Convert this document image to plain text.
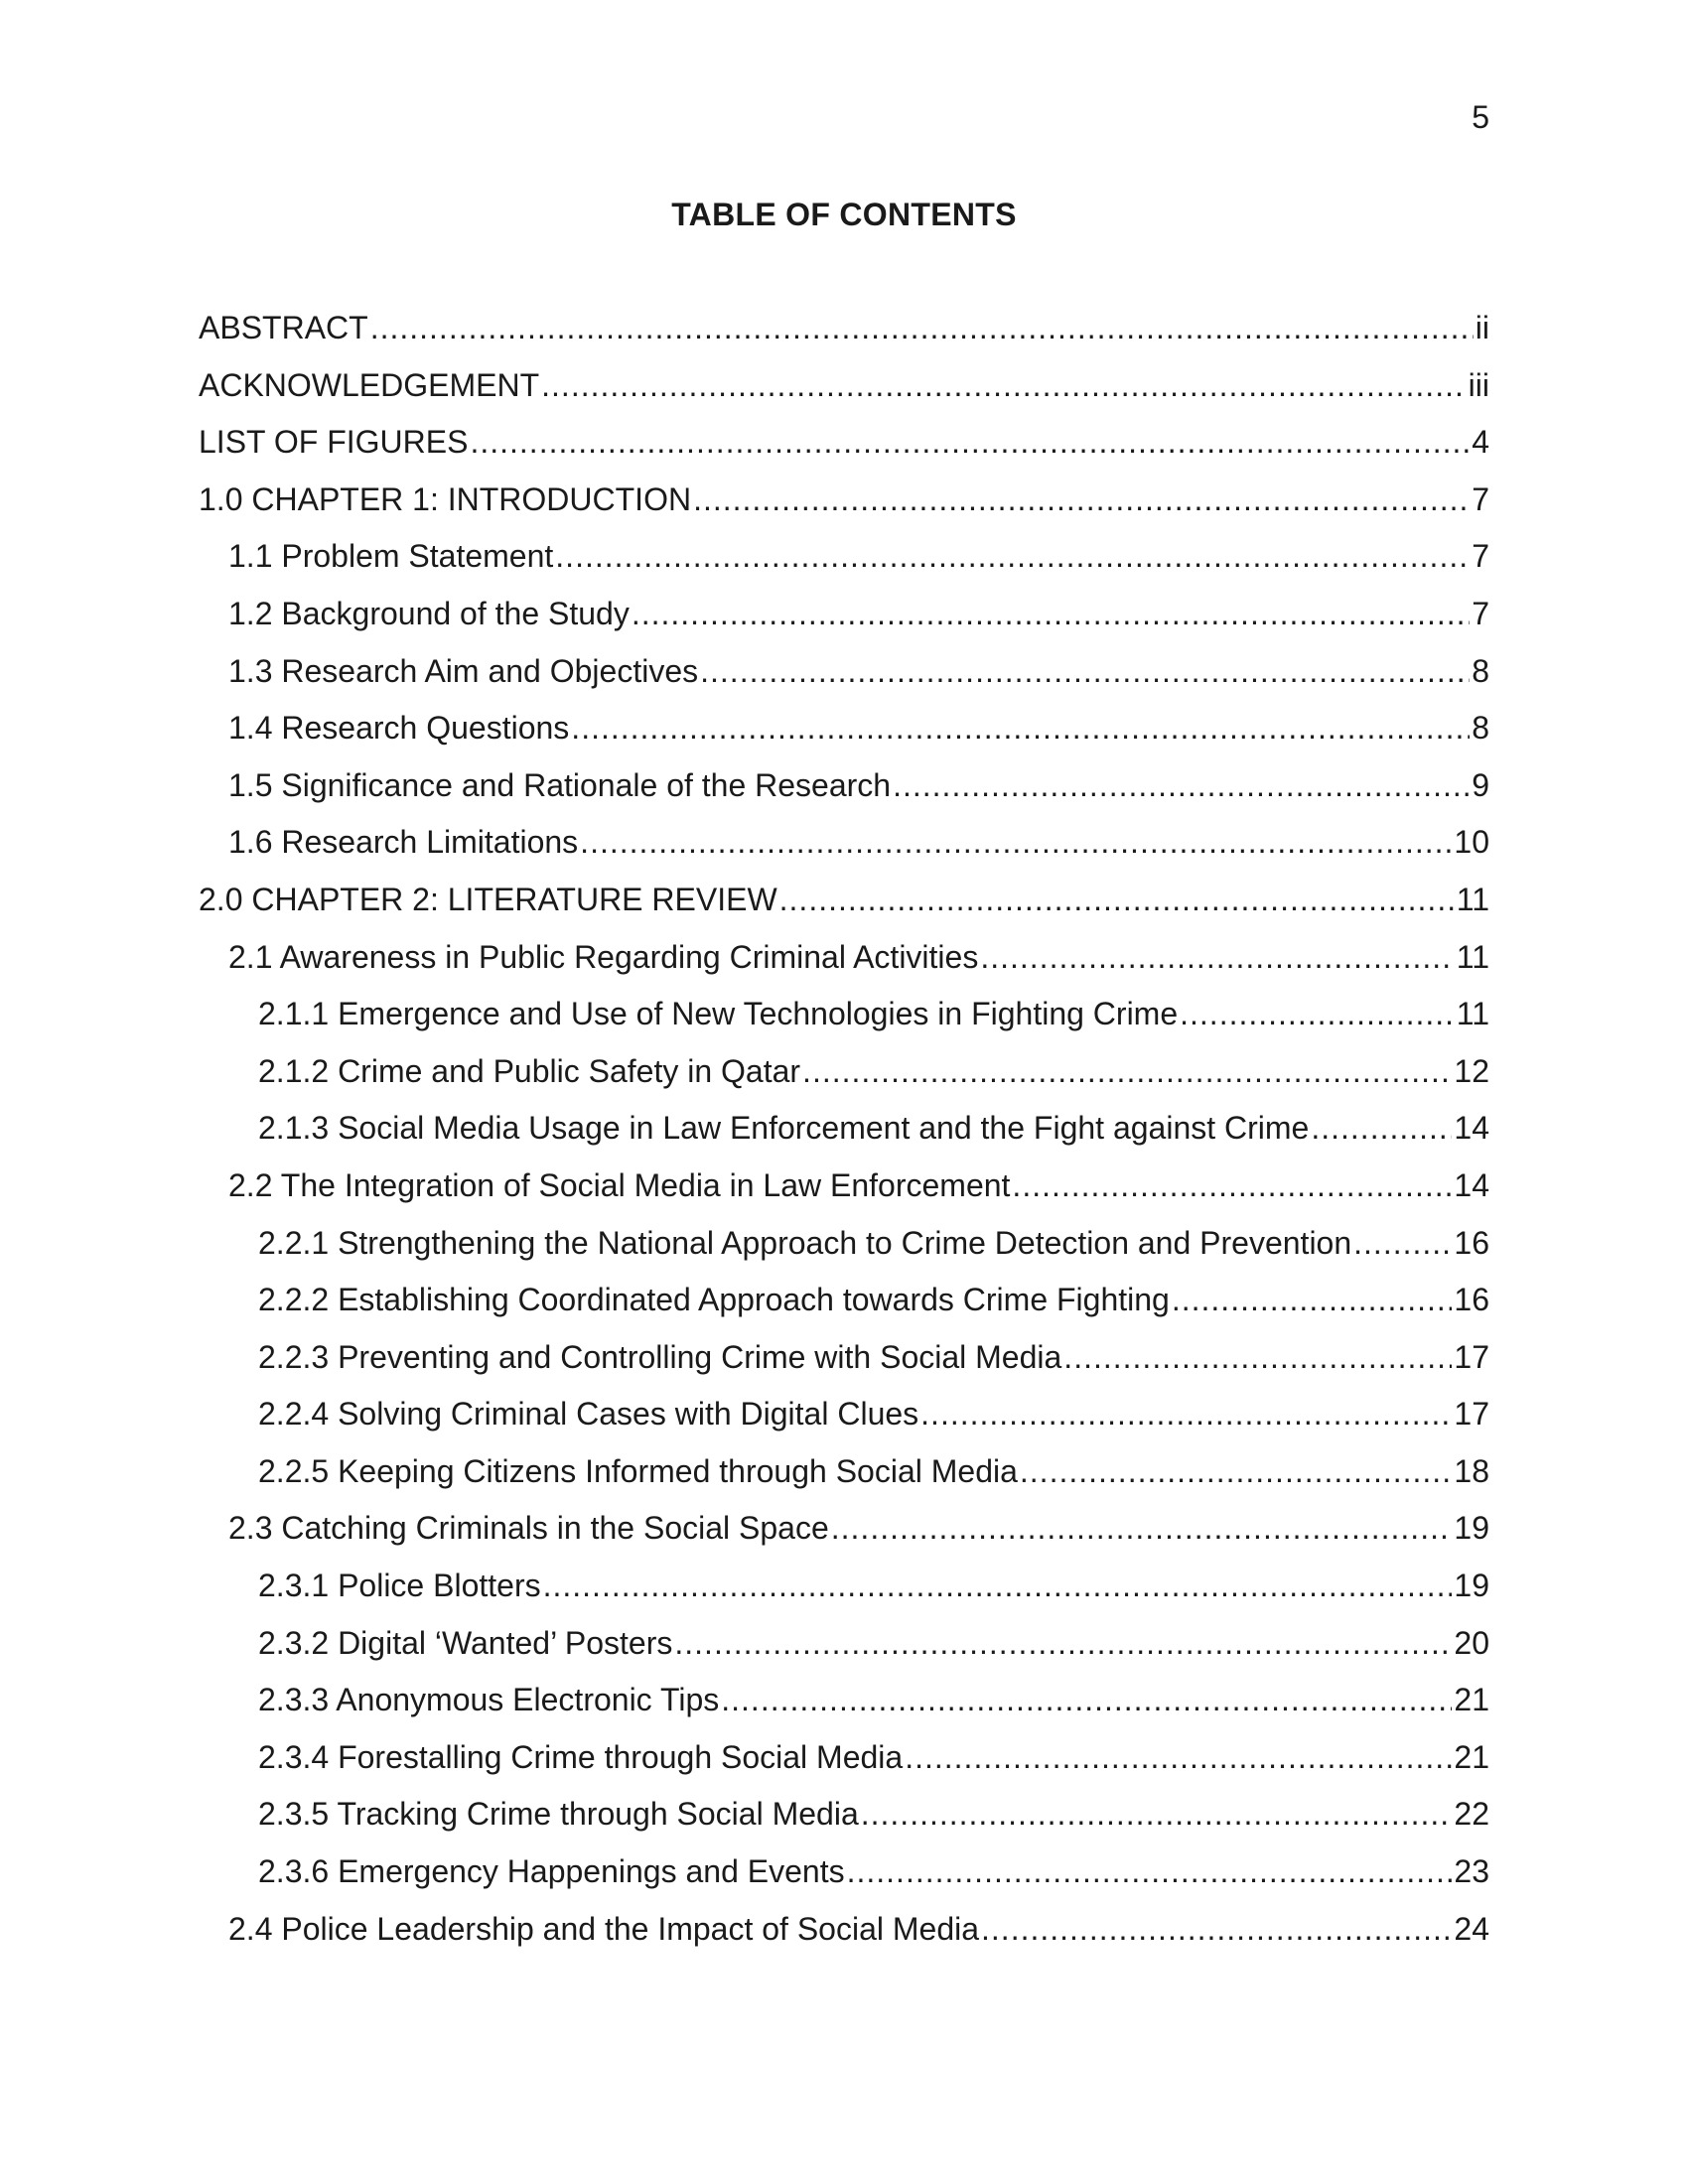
5
TABLE OF CONTENTS
ABSTRACT .....	ii
ACKNOWLEDGEMENT .....	iii
LIST OF FIGURES .....	4
1.0 CHAPTER 1: INTRODUCTION .....	7
1.1 Problem Statement .....	7
1.2 Background of the Study .....	7
1.3 Research Aim and Objectives .....	8
1.4 Research Questions .....	8
1.5 Significance and Rationale of the Research .....	9
1.6 Research Limitations .....	10
2.0 CHAPTER 2: LITERATURE REVIEW .....	11
2.1 Awareness in Public Regarding Criminal Activities .....	11
2.1.1 Emergence and Use of New Technologies in Fighting Crime .....	11
2.1.2 Crime and Public Safety in Qatar .....	12
2.1.3 Social Media Usage in Law Enforcement and the Fight against Crime .....	14
2.2 The Integration of Social Media in Law Enforcement .....	14
2.2.1 Strengthening the National Approach to Crime Detection and Prevention .....	16
2.2.2 Establishing Coordinated Approach towards Crime Fighting .....	16
2.2.3 Preventing and Controlling Crime with Social Media .....	17
2.2.4 Solving Criminal Cases with Digital Clues .....	17
2.2.5 Keeping Citizens Informed through Social Media .....	18
2.3 Catching Criminals in the Social Space .....	19
2.3.1 Police Blotters .....	19
2.3.2 Digital ‘Wanted’ Posters .....	20
2.3.3 Anonymous Electronic Tips .....	21
2.3.4 Forestalling Crime through Social Media .....	21
2.3.5 Tracking Crime through Social Media .....	22
2.3.6 Emergency Happenings and Events .....	23
2.4 Police Leadership and the Impact of Social Media .....	24
